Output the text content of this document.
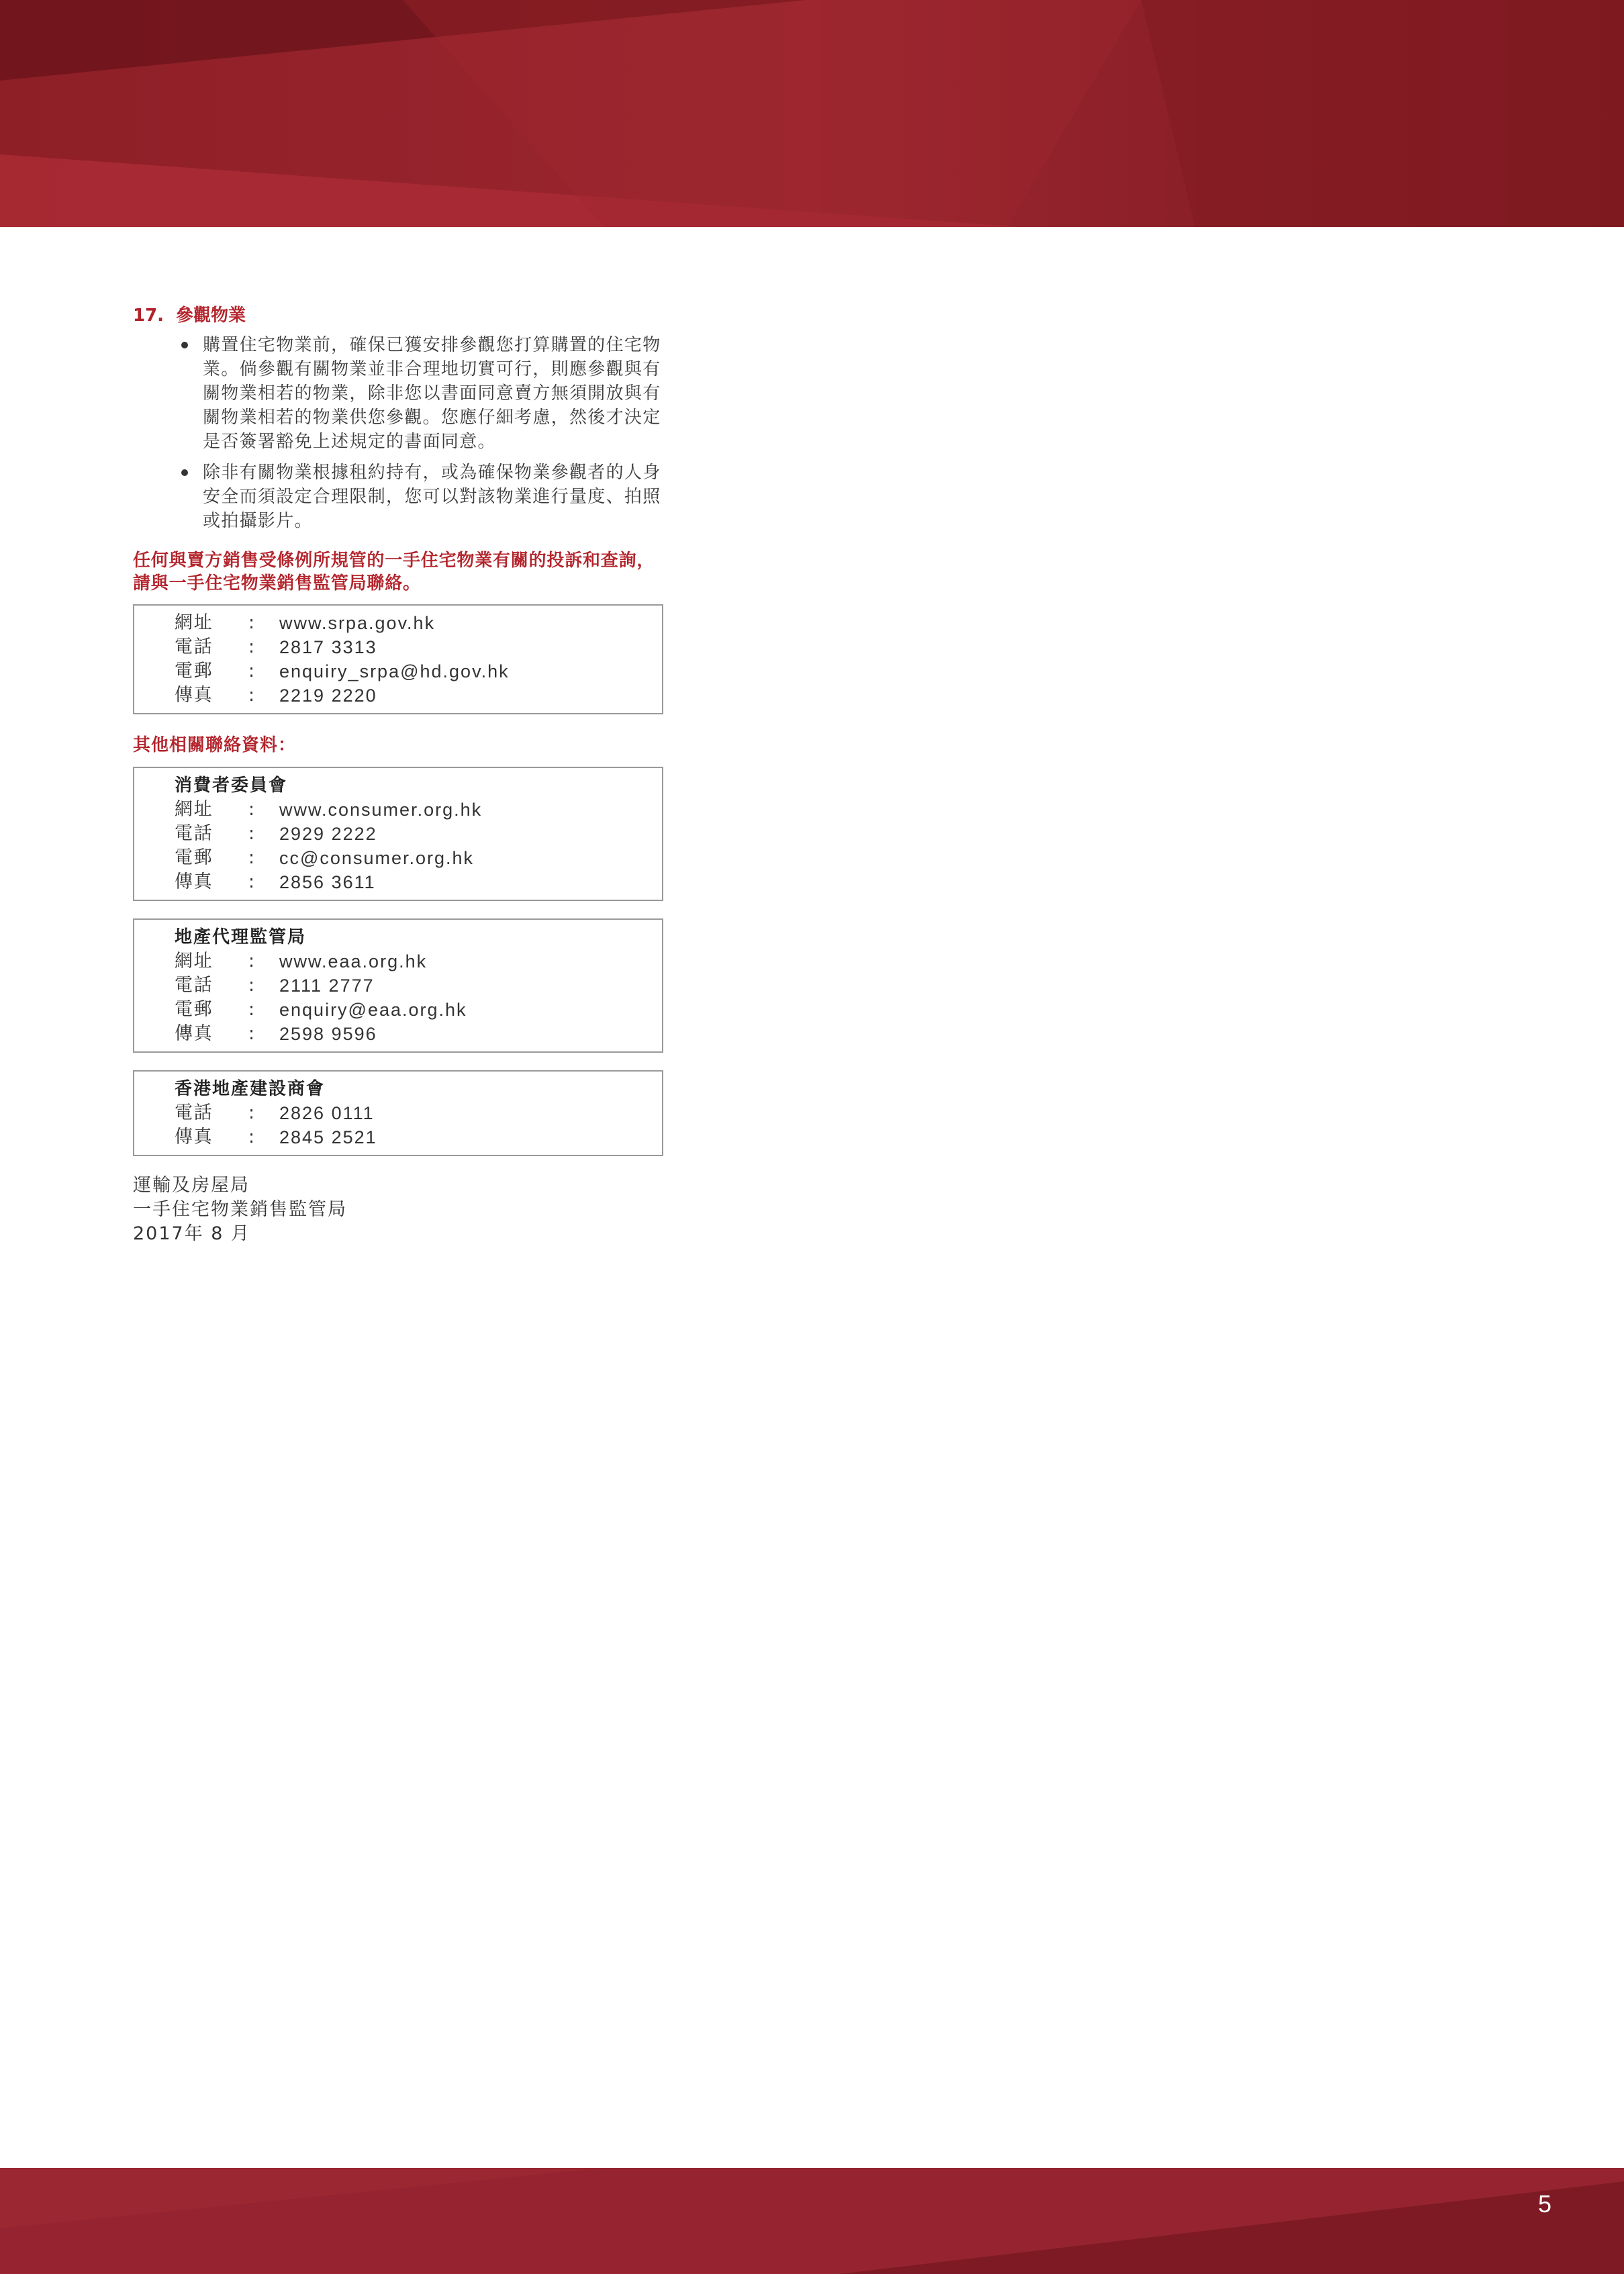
5
17. 參觀物業
購置住宅物業前，確保已獲安排參觀您打算購置的住宅物業。倘參觀有關物業並非合理地切實可行，則應參觀與有關物業相若的物業，除非您以書面同意賣方無須開放與有關物業相若的物業供您參觀。您應仔細考慮，然後才決定是否簽署豁免上述規定的書面同意。
除非有關物業根據租約持有，或為確保物業參觀者的人身安全而須設定合理限制，您可以對該物業進行量度、拍照或拍攝影片。

任何與賣方銷售受條例所規管的一手住宅物業有關的投訴和查詢，請與一手住宅物業銷售監管局聯絡。

網址	:	www.srpa.gov.hk
電話	:	2817 3313
電郵	:	enquiry_srpa@hd.gov.hk
傳真	:	2219 2220

其他相關聯絡資料：

消費者委員會
網址	:	www.consumer.org.hk
電話	:	2929 2222
電郵	:	cc@consumer.org.hk
傳真	:	2856 3611
地產代理監管局
網址	:	www.eaa.org.hk
電話	:	2111 2777
電郵	:	enquiry@eaa.org.hk
傳真	:	2598 9596
香港地產建設商會
電話	:	2826 0111
傳真	:	2845 2521
運輸及房屋局
一手住宅物業銷售監管局
2017年 8 月
